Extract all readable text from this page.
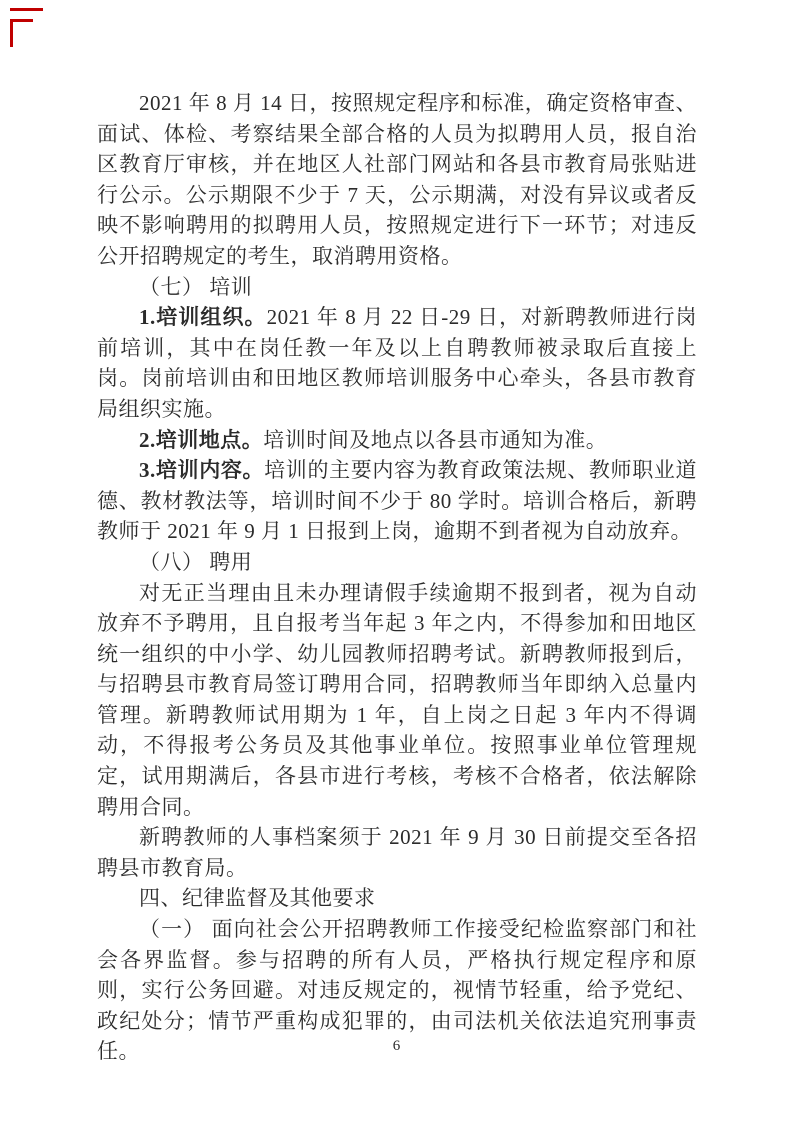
2021 年 8 月 14 日，按照规定程序和标准，确定资格审查、面试、体检、考察结果全部合格的人员为拟聘用人员，报自治区教育厅审核，并在地区人社部门网站和各县市教育局张贴进行公示。公示期限不少于 7 天，公示期满，对没有异议或者反映不影响聘用的拟聘用人员，按照规定进行下一环节；对违反公开招聘规定的考生，取消聘用资格。

（七） 培训

1.培训组织。2021 年 8 月 22 日-29 日，对新聘教师进行岗前培训，其中在岗任教一年及以上自聘教师被录取后直接上岗。岗前培训由和田地区教师培训服务中心牵头，各县市教育局组织实施。

2.培训地点。培训时间及地点以各县市通知为准。

3.培训内容。培训的主要内容为教育政策法规、教师职业道德、教材教法等，培训时间不少于 80 学时。培训合格后，新聘教师于 2021 年 9 月 1 日报到上岗，逾期不到者视为自动放弃。

（八） 聘用

对无正当理由且未办理请假手续逾期不报到者，视为自动放弃不予聘用，且自报考当年起 3 年之内，不得参加和田地区统一组织的中小学、幼儿园教师招聘考试。新聘教师报到后，与招聘县市教育局签订聘用合同，招聘教师当年即纳入总量内管理。新聘教师试用期为 1 年，自上岗之日起 3 年内不得调动，不得报考公务员及其他事业单位。按照事业单位管理规定，试用期满后，各县市进行考核，考核不合格者，依法解除聘用合同。

新聘教师的人事档案须于 2021 年 9 月 30 日前提交至各招聘县市教育局。

四、纪律监督及其他要求

（一） 面向社会公开招聘教师工作接受纪检监察部门和社会各界监督。参与招聘的所有人员，严格执行规定程序和原则，实行公务回避。对违反规定的，视情节轻重，给予党纪、政纪处分；情节严重构成犯罪的，由司法机关依法追究刑事责任。	6
